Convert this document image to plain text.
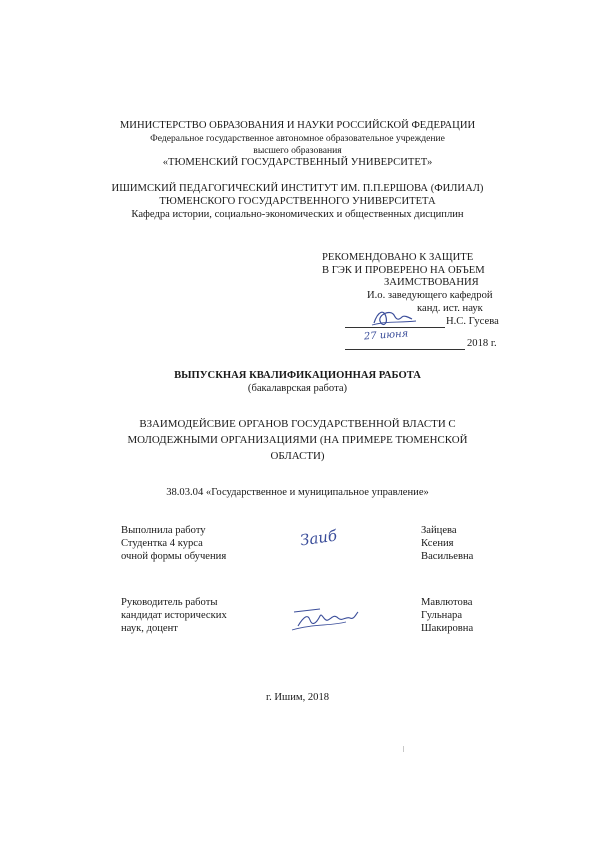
МИНИСТЕРСТВО ОБРАЗОВАНИЯ И НАУКИ РОССИЙСКОЙ ФЕДЕРАЦИИ
Федеральное государственное автономное образовательное учреждение
высшего образования
«ТЮМЕНСКИЙ ГОСУДАРСТВЕННЫЙ УНИВЕРСИТЕТ»
ИШИМСКИЙ ПЕДАГОГИЧЕСКИЙ ИНСТИТУТ ИМ. П.П.ЕРШОВА (ФИЛИАЛ)
ТЮМЕНСКОГО ГОСУДАРСТВЕННОГО УНИВЕРСИТЕТА
Кафедра истории, социально-экономических и общественных дисциплин
РЕКОМЕНДОВАНО К ЗАЩИТЕ
В ГЭК И ПРОВЕРЕНО НА ОБЪЕМ
ЗАИМСТВОВАНИЯ
И.о. заведующего кафедрой
канд. ист. наук
Н.С. Гусева
27 июня
2018 г.
ВЫПУСКНАЯ КВАЛИФИКАЦИОННАЯ РАБОТА
(бакалаврская работа)
ВЗАИМОДЕЙСВИЕ ОРГАНОВ ГОСУДАРСТВЕННОЙ ВЛАСТИ С
МОЛОДЕЖНЫМИ ОРГАНИЗАЦИЯМИ (НА ПРИМЕРЕ ТЮМЕНСКОЙ
ОБЛАСТИ)
38.03.04 «Государственное и муниципальное управление»
Выполнила работу
Студентка 4 курса
очной формы обучения
Заиб	Зайцева
Ксения
Васильевна
Руководитель работы
кандидат исторических
наук, доцент
Мавлютова
Гульнара
Шакировна
г. Ишим, 2018
